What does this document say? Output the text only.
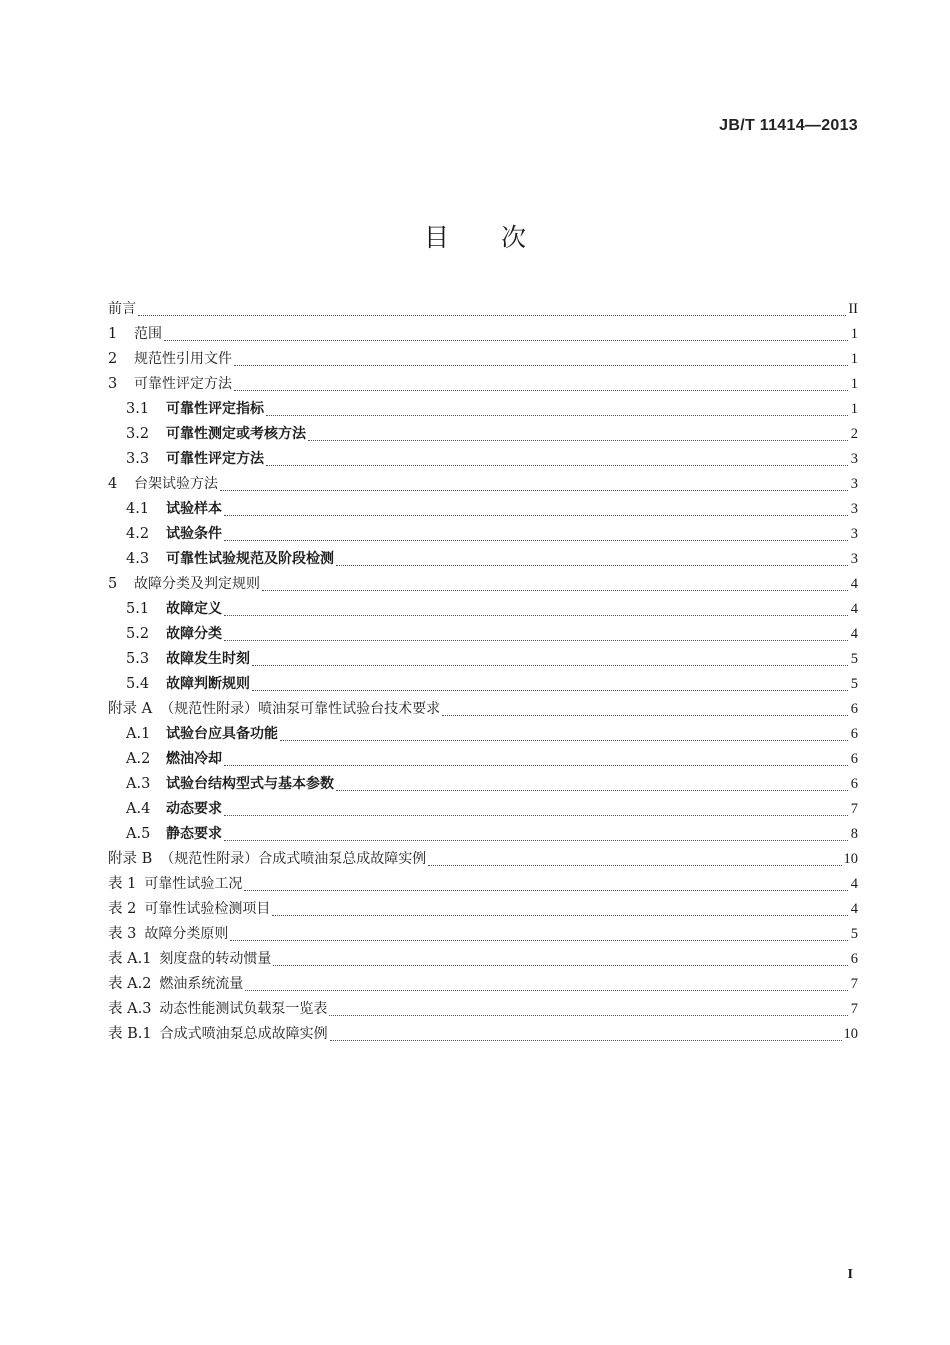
JB/T 11414—2013
目次
前言	II
1	范围	1
2	规范性引用文件	1
3	可靠性评定方法	1
3.1	可靠性评定指标	1
3.2	可靠性测定或考核方法	2
3.3	可靠性评定方法	3
4	台架试验方法	3
4.1	试验样本	3
4.2	试验条件	3
4.3	可靠性试验规范及阶段检测	3
5	故障分类及判定规则	4
5.1	故障定义	4
5.2	故障分类	4
5.3	故障发生时刻	5
5.4	故障判断规则	5
附录 A （规范性附录）喷油泵可靠性试验台技术要求	6
A.1	试验台应具备功能	6
A.2	燃油冷却	6
A.3	试验台结构型式与基本参数	6
A.4	动态要求	7
A.5	静态要求	8
附录 B （规范性附录）合成式喷油泵总成故障实例	10
表 1 可靠性试验工况	4
表 2 可靠性试验检测项目	4
表 3 故障分类原则	5
表 A.1 刻度盘的转动惯量	6
表 A.2 燃油系统流量	7
表 A.3 动态性能测试负载泵一览表	7
表 B.1 合成式喷油泵总成故障实例	10
I
